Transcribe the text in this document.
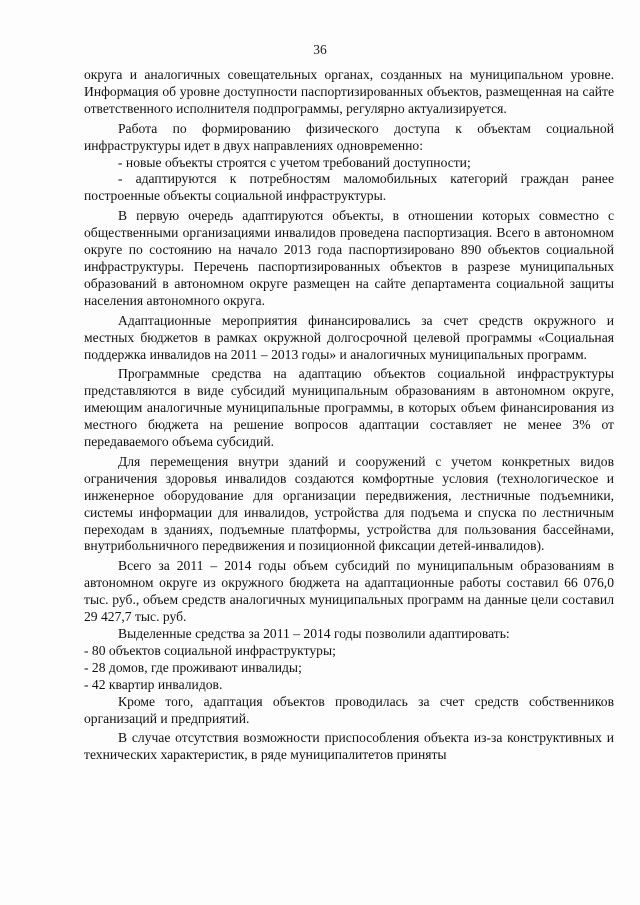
36

округа и аналогичных совещательных органах, созданных на муниципальном уровне. Информация об уровне доступности паспортизированных объектов, размещенная на сайте ответственного исполнителя подпрограммы, регулярно актуализируется.

Работа по формированию физического доступа к объектам социальной инфраструктуры идет в двух направлениях одновременно:

- новые объекты строятся с учетом требований доступности;

- адаптируются к потребностям маломобильных категорий граждан ранее построенные объекты социальной инфраструктуры.

В первую очередь адаптируются объекты, в отношении которых совместно с общественными организациями инвалидов проведена паспортизация. Всего в автономном округе по состоянию на начало 2013 года паспортизировано 890 объектов социальной инфраструктуры. Перечень паспортизированных объектов в разрезе муниципальных образований в автономном округе размещен на сайте департамента социальной защиты населения автономного округа.

Адаптационные мероприятия финансировались за счет средств окружного и местных бюджетов в рамках окружной долгосрочной целевой программы «Социальная поддержка инвалидов на 2011 – 2013 годы» и аналогичных муниципальных программ.

Программные средства на адаптацию объектов социальной инфраструктуры представляются в виде субсидий муниципальным образованиям в автономном округе, имеющим аналогичные муниципальные программы, в которых объем финансирования из местного бюджета на решение вопросов адаптации составляет не менее 3% от передаваемого объема субсидий.

Для перемещения внутри зданий и сооружений с учетом конкретных видов ограничения здоровья инвалидов создаются комфортные условия (технологическое и инженерное оборудование для организации передвижения, лестничные подъемники, системы информации для инвалидов, устройства для подъема и спуска по лестничным переходам в зданиях, подъемные платформы, устройства для пользования бассейнами, внутрибольничного передвижения и позиционной фиксации детей-инвалидов).

Всего за 2011 – 2014 годы объем субсидий по муниципальным образованиям в автономном округе из окружного бюджета на адаптационные работы составил 66 076,0 тыс. руб., объем средств аналогичных муниципальных программ на данные цели составил 29 427,7 тыс. руб.

Выделенные средства за 2011 – 2014 годы позволили адаптировать:

- 80 объектов социальной инфраструктуры;

- 28 домов, где проживают инвалиды;

- 42 квартир инвалидов.

Кроме того, адаптация объектов проводилась за счет средств собственников организаций и предприятий.

В случае отсутствия возможности приспособления объекта из-за конструктивных и технических характеристик, в ряде муниципалитетов приняты
